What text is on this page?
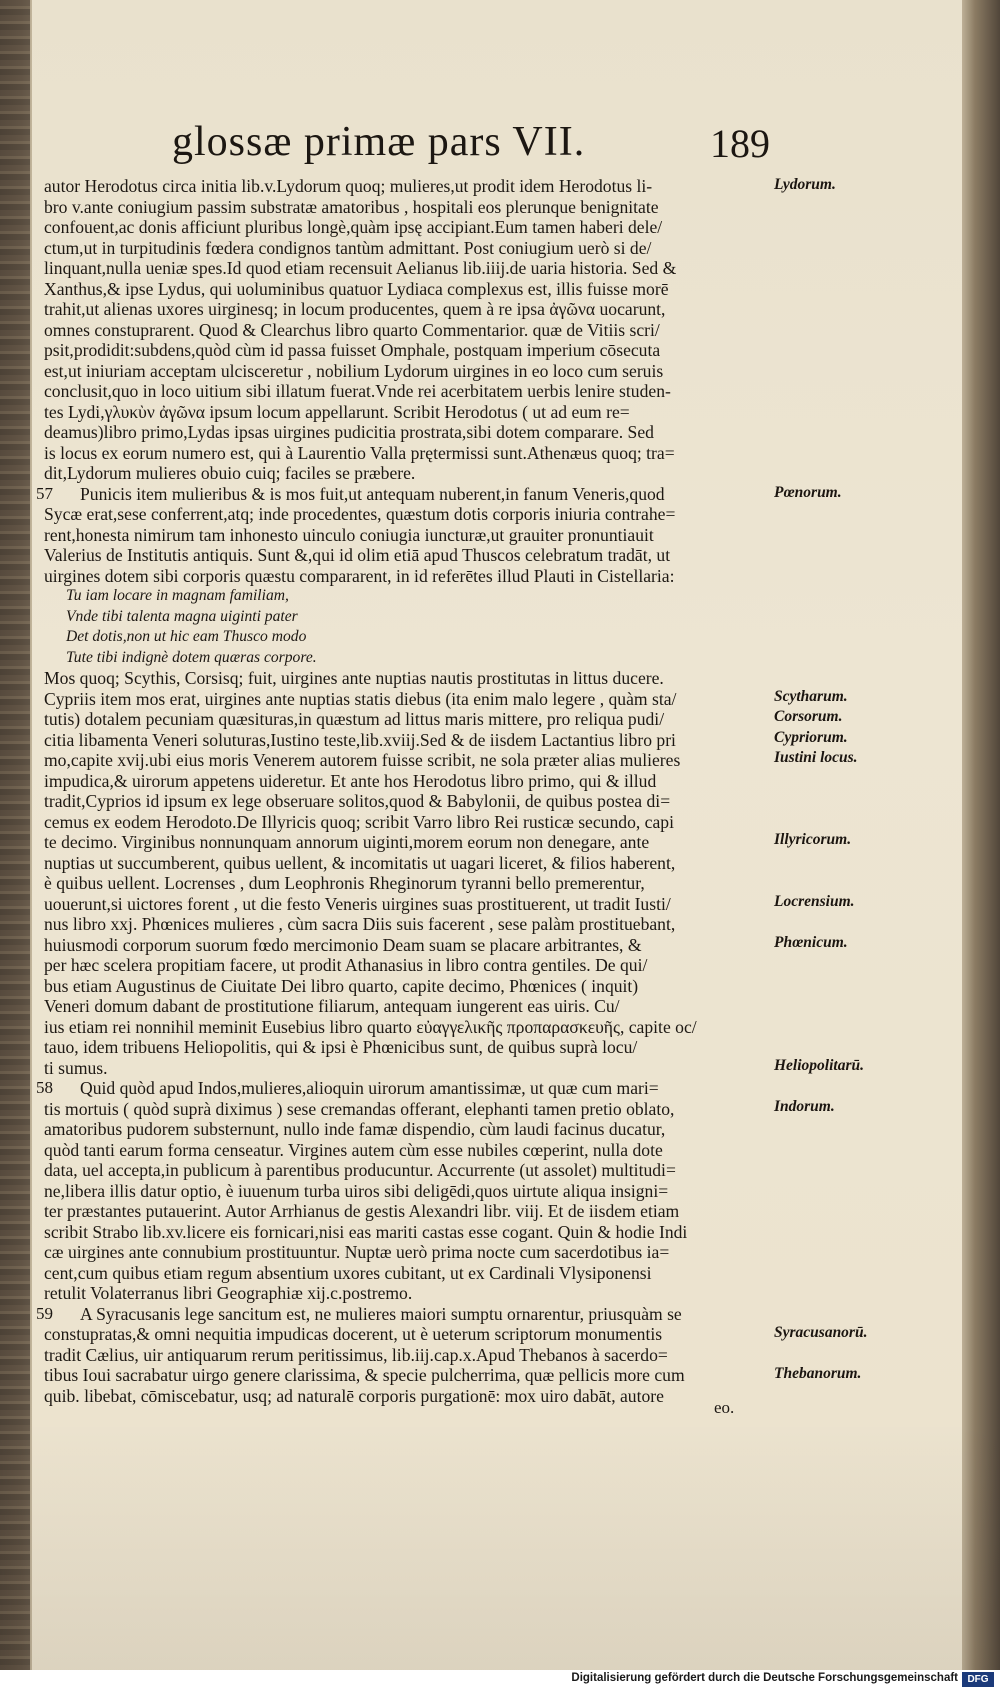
glossæ primæ pars VII.	189
autor Herodotus circa initia lib.v.Lydorum quoq; mulieres,ut prodit idem Herodotus li-
bro v.ante coniugium passim substratæ amatoribus , hospitali eos plerunque benignitate
confouent,ac donis afficiunt pluribus longè,quàm ipsę accipiant.Eum tamen haberi dele/
ctum,ut in turpitudinis fœdera condignos tantùm admittant. Post coniugium uerò si de/
linquant,nulla ueniæ spes.Id quod etiam recensuit Aelianus lib.iiij.de uaria historia. Sed &
Xanthus,& ipse Lydus, qui uoluminibus quatuor Lydiaca complexus est, illis fuisse morē
trahit,ut alienas uxores uirginesq; in locum producentes, quem à re ipsa ἀγῶνα uocarunt,
omnes constuprarent. Quod & Clearchus libro quarto Commentarior. quæ de Vitiis scri/
psit,prodidit:subdens,quòd cùm id passa fuisset Omphale, postquam imperium cōsecuta
est,ut iniuriam acceptam ulcisceretur , nobilium Lydorum uirgines in eo loco cum seruis
conclusit,quo in loco uitium sibi illatum fuerat.Vnde rei acerbitatem uerbis lenire studen-
tes Lydi,γλυκὺν ἀγῶνα ipsum locum appellarunt. Scribit Herodotus ( ut ad eum re=
deamus)libro primo,Lydas ipsas uirgines pudicitia prostrata,sibi dotem comparare. Sed
is locus ex eorum numero est, qui à Laurentio Valla prętermissi sunt.Athenæus quoq; tra=
dit,Lydorum mulieres obuio cuiq; faciles se præbere.
57	Punicis item mulieribus & is mos fuit,ut antequam nuberent,in fanum Veneris,quod
Sycæ erat,sese conferrent,atq; inde procedentes, quæstum dotis corporis iniuria contrahe=
rent,honesta nimirum tam inhonesto uinculo coniugia iuncturæ,ut grauiter pronuntiauit
Valerius de Institutis antiquis. Sunt &,qui id olim etiā apud Thuscos celebratum tradāt, ut
uirgines dotem sibi corporis quæstu compararent, in id referētes illud Plauti in Cistellaria:
Tu iam locare in magnam familiam,
Vnde tibi talenta magna uiginti pater
Det dotis,non ut hic eam Thusco modo
Tute tibi indignè dotem quæras corpore.
Mos quoq; Scythis, Corsisq; fuit, uirgines ante nuptias nautis prostitutas in littus ducere.
Cypriis item mos erat, uirgines ante nuptias statis diebus (ita enim malo legere , quàm sta/
tutis) dotalem pecuniam quæsituras,in quæstum ad littus maris mittere, pro reliqua pudi/
citia libamenta Veneri soluturas,Iustino teste,lib.xviij.Sed & de iisdem Lactantius libro pri
mo,capite xvij.ubi eius moris Venerem autorem fuisse scribit, ne sola præter alias mulieres
impudica,& uirorum appetens uideretur. Et ante hos Herodotus libro primo, qui & illud
tradit,Cyprios id ipsum ex lege obseruare solitos,quod & Babylonii, de quibus postea di=
cemus ex eodem Herodoto.De Illyricis quoq; scribit Varro libro Rei rusticæ secundo, capi
te decimo. Virginibus nonnunquam annorum uiginti,morem eorum non denegare, ante
nuptias ut succumberent, quibus uellent, & incomitatis ut uagari liceret, & filios haberent,
è quibus uellent. Locrenses , dum Leophronis Rheginorum tyranni bello premerentur,
uouerunt,si uictores forent , ut die festo Veneris uirgines suas prostituerent, ut tradit Iusti/
nus libro xxj. Phœnices mulieres , cùm sacra Diis suis facerent , sese palàm prostituebant,
huiusmodi corporum suorum fœdo mercimonio Deam suam se placare arbitrantes, &
per hæc scelera propitiam facere, ut prodit Athanasius in libro contra gentiles. De qui/
bus etiam Augustinus de Ciuitate Dei libro quarto, capite decimo, Phœnices ( inquit)
Veneri domum dabant de prostitutione filiarum, antequam iungerent eas uiris. Cu/
ius etiam rei nonnihil meminit Eusebius libro quarto εὐαγγελικῆς προπαρασκευῆς, capite oc/
tauo, idem tribuens Heliopolitis, qui & ipsi è Phœnicibus sunt, de quibus suprà locu/
ti sumus.
58	Quid quòd apud Indos,mulieres,alioquin uirorum amantissimæ, ut quæ cum mari=
tis mortuis ( quòd suprà diximus ) sese cremandas offerant, elephanti tamen pretio oblato,
amatoribus pudorem substernunt, nullo inde famæ dispendio, cùm laudi facinus ducatur,
quòd tanti earum forma censeatur. Virgines autem cùm esse nubiles cœperint, nulla dote
data, uel accepta,in publicum à parentibus producuntur. Accurrente (ut assolet) multitudi=
ne,libera illis datur optio, è iuuenum turba uiros sibi deligēdi,quos uirtute aliqua insigni=
ter præstantes putauerint. Autor Arrhianus de gestis Alexandri libr. viij. Et de iisdem etiam
scribit Strabo lib.xv.licere eis fornicari,nisi eas mariti castas esse cogant. Quin & hodie Indi
cæ uirgines ante connubium prostituuntur. Nuptæ uerò prima nocte cum sacerdotibus ia=
cent,cum quibus etiam regum absentium uxores cubitant, ut ex Cardinali Vlysiponensi
retulit Volaterranus libri Geographiæ xij.c.postremo.
59	A Syracusanis lege sancitum est, ne mulieres maiori sumptu ornarentur, priusquàm se
constupratas,& omni nequitia impudicas docerent, ut è ueterum scriptorum monumentis
tradit Cælius, uir antiquarum rerum peritissimus, lib.iij.cap.x.Apud Thebanos à sacerdo=
tibus Ioui sacrabatur uirgo genere clarissima, & specie pulcherrima, quæ pellicis more cum
quib. libebat, cōmiscebatur, usq; ad naturalē corporis purgationē: mox uiro dabāt, autore
Lydorum.
Pœnorum.
Scytharum.
Corsorum.
Cypriorum.
Iustini locus.
Illyricorum.
Locrensium.
Phœnicum.
Heliopolitarū.
Indorum.
Syracusanorū.
Thebanorum.
eo.
Digitalisierung gefördert durch die Deutsche Forschungsgemeinschaft DFG
